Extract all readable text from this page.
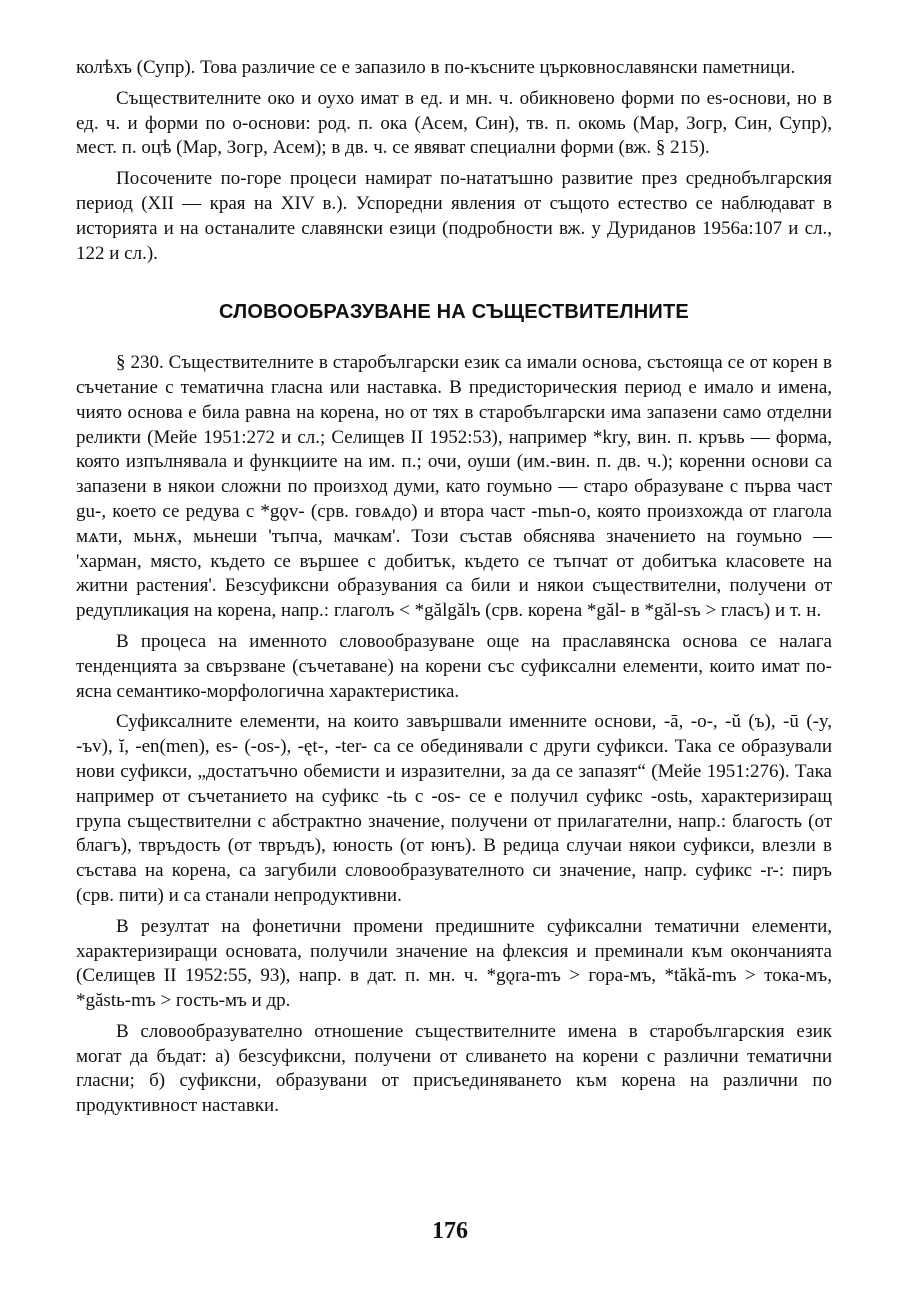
колѣхъ (Супр). Това различие се е запазило в по-късните църковнославянски паметници.

Съществителните око и оухо имат в ед. и мн. ч. обикновено форми по es-основи, но в ед. ч. и форми по о-основи: род. п. ока (Асем, Син), тв. п. окомь (Мар, Зогр, Син, Супр), мест. п. оцѣ (Мар, Зогр, Асем); в дв. ч. се явяват специални форми (вж. § 215).

Посочените по-горе процеси намират по-нататъшно развитие през среднобългарския период (XII — края на XIV в.). Успоредни явления от същото естество се наблюдават в историята и на останалите славянски езици (подробности вж. у Дуриданов 1956а:107 и сл., 122 и сл.).

СЛОВООБРАЗУВАНЕ НА СЪЩЕСТВИТЕЛНИТЕ

§ 230. Съществителните в старобългарски език са имали основа, състояща се от корен в съчетание с тематична гласна или наставка. В предисторическия период е имало и имена, чиято основа е била равна на корена, но от тях в старобългарски има запазени само отделни реликти (Мейе 1951:272 и сл.; Селищев II 1952:53), например *kry, вин. п. кръвь — форма, която изпълнявала и функциите на им. п.; очи, оуши (им.-вин. п. дв. ч.); коренни основи са запазени в някои сложни по произход думи, като гоумьно — старо образуване с първа част gu-, което се редува с *gǫv- (срв. говѧдо) и втора част -mьn-o, която произхожда от глагола мѧти, мьнѫ, мьнеши 'тъпча, мачкам'. Този състав обяснява значението на гоумьно — 'харман, място, където се вършее с добитък, където се тъпчат от добитъка класовете на житни растения'. Безсуфиксни образувания са били и някои съществителни, получени от редупликация на корена, напр.: глаголъ < *gălgălъ (срв. корена *găl- в *găl-sъ > гласъ) и т. н.

В процеса на именното словообразуване още на праславянска основа се налага тенденцията за свързване (съчетаване) на корени със суфиксални елементи, които имат по-ясна семантико-морфологична характеристика.

Суфиксалните елементи, на които завършвали именните основи, -ā, -o-, -ŭ (ъ), -ū (-y, -ъv), ĭ, -en(men), es- (-os-), -ęt-, -ter- са се обединявали с други суфикси. Така се образували нови суфикси, „достатъчно обемисти и изразителни, за да се запазят“ (Мейе 1951:276). Така например от съчетанието на суфикс -tь с -os- се е получил суфикс -ostь, характеризиращ група съществителни с абстрактно значение, получени от прилагателни, напр.: благость (от благъ), твръдость (от твръдъ), юность (от юнъ). В редица случаи някои суфикси, влезли в състава на корена, са загубили словообразувателното си значение, напр. суфикс -r-: пиръ (срв. пити) и са станали непродуктивни.

В резултат на фонетични промени предишните суфиксални тематични елементи, характеризиращи основата, получили значение на флексия и преминали към окончанията (Селищев II 1952:55, 93), напр. в дат. п. мн. ч. *gǫra-mъ > гора-мъ, *tăkă-mъ > тока-мъ, *găstь-mъ > гость-мъ и др.

В словообразувателно отношение съществителните имена в старобългарския език могат да бъдат: а) безсуфиксни, получени от сливането на корени с различни тематични гласни; б) суфиксни, образувани от присъединяването към корена на различни по продуктивност наставки.

176
